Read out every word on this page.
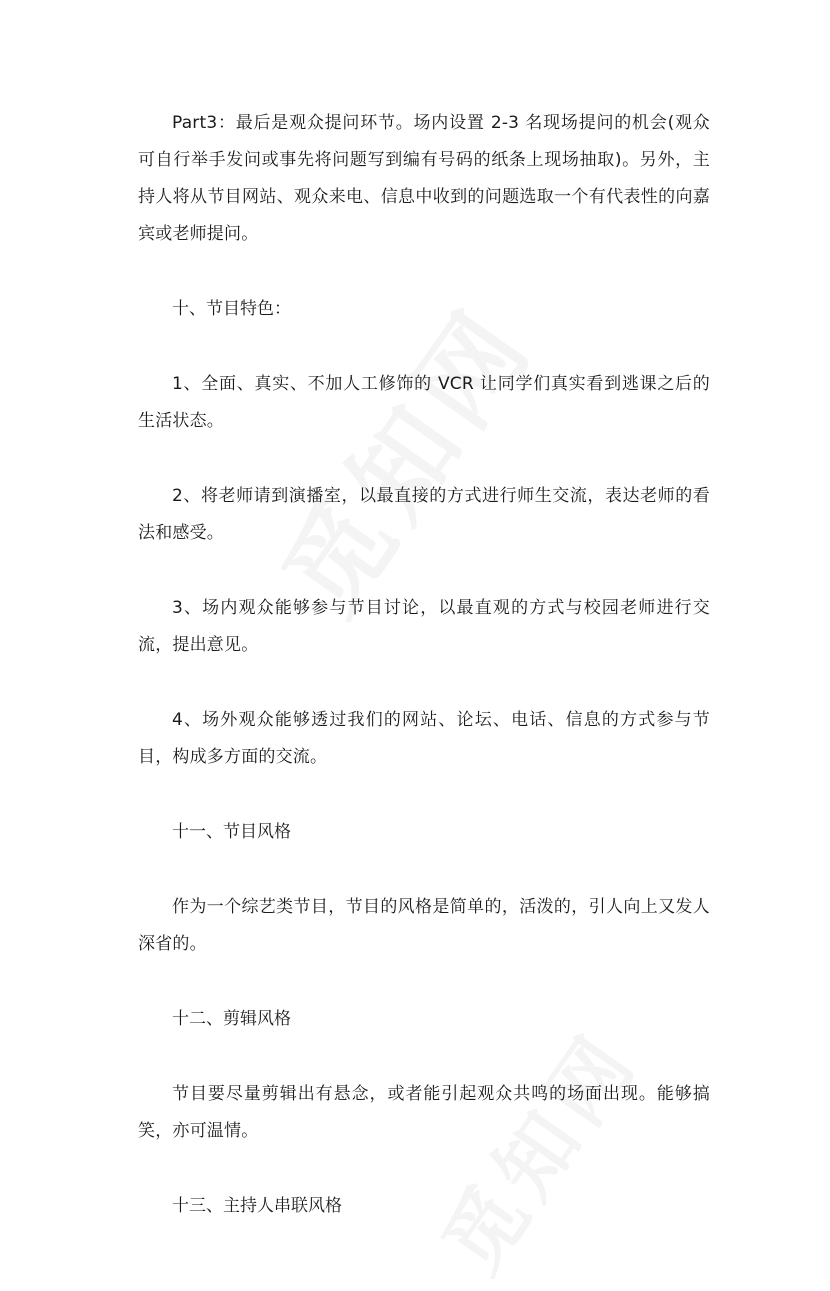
Part3：最后是观众提问环节。场内设置 2-3 名现场提问的机会(观众可自行举手发问或事先将问题写到编有号码的纸条上现场抽取)。另外，主持人将从节目网站、观众来电、信息中收到的问题选取一个有代表性的向嘉宾或老师提问。

十、节目特色：

1、全面、真实、不加人工修饰的 VCR 让同学们真实看到逃课之后的生活状态。

2、将老师请到演播室，以最直接的方式进行师生交流，表达老师的看法和感受。

3、场内观众能够参与节目讨论，以最直观的方式与校园老师进行交流，提出意见。

4、场外观众能够透过我们的网站、论坛、电话、信息的方式参与节目，构成多方面的交流。

十一、节目风格

作为一个综艺类节目，节目的风格是简单的，活泼的，引人向上又发人深省的。

十二、剪辑风格

节目要尽量剪辑出有悬念，或者能引起观众共鸣的场面出现。能够搞笑，亦可温情。

十三、主持人串联风格
